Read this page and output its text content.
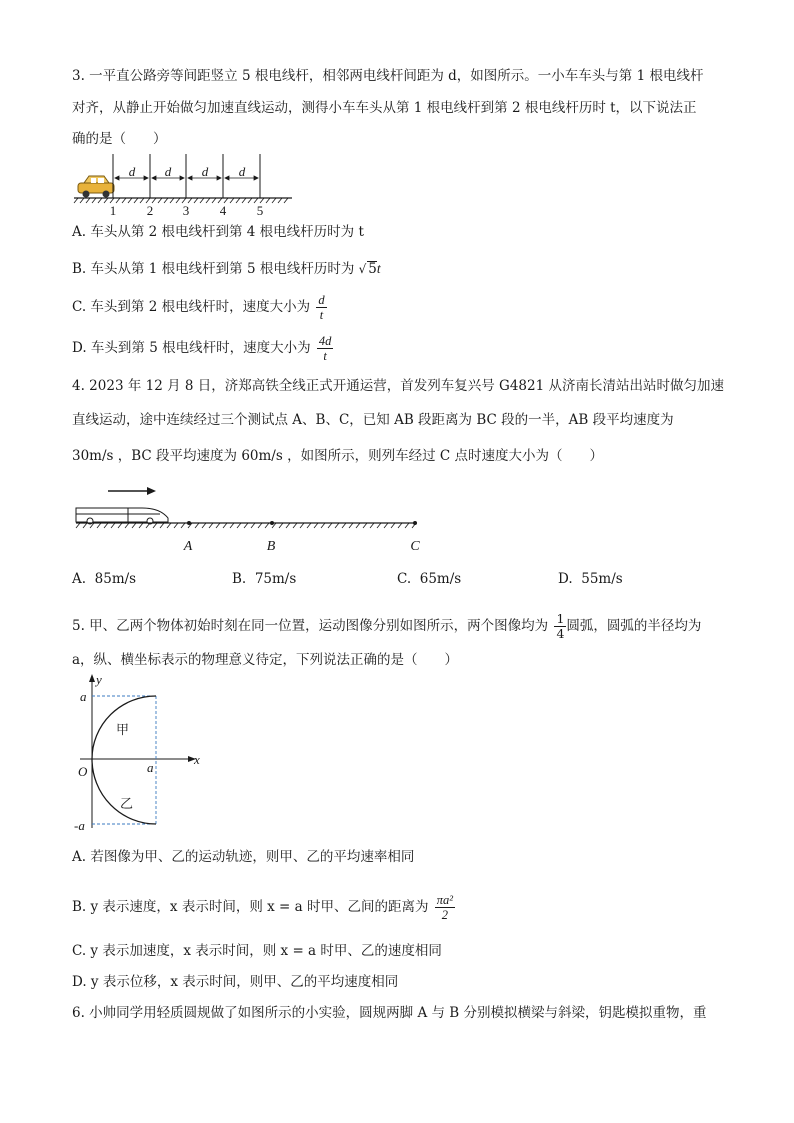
3. 一平直公路旁等间距竖立 5 根电线杆，相邻两电线杆间距为 d，如图所示。一小车车头与第 1 根电线杆
对齐，从静止开始做匀加速直线运动，测得小车车头从第 1 根电线杆到第 2 根电线杆历时 t，以下说法正
确的是（　　）
d d d d
1 2 3 4 5
A. 车头从第 2 根电线杆到第 4 根电线杆历时为 t
B. 车头从第 1 根电线杆到第 5 根电线杆历时为 √ 5t
C. 车头到第 2 根电线杆时，速度大小为 $\frac{d}{t}$
D. 车头到第 5 根电线杆时，速度大小为 $\frac{4d}{t}$
4. 2023 年 12 月 8 日，济郑高铁全线正式开通运营，首发列车复兴号 G4821 从济南长清站出站时做匀加速
直线运动，途中连续经过三个测试点 A、B、C，已知 AB 段距离为 BC 段的一半，AB 段平均速度为
30m/s ，BC 段平均速度为 60m/s ，如图所示，则列车经过 C 点时速度大小为（　　）
A	B	C
A. 85m/s	B. 75m/s	C. 65m/s	D. 55m/s
5. 甲、乙两个物体初始时刻在同一位置，运动图像分别如图所示，两个图像均为 $\frac{1}{4}$ 圆弧，圆弧的半径均为
a，纵、横坐标表示的物理意义待定，下列说法正确的是（　　）
y
x
O
a
-a
a
甲
乙
A. 若图像为甲、乙的运动轨迹，则甲、乙的平均速率相同
B. y 表示速度，x 表示时间，则 x = a 时甲、乙间的距离为 $\frac{\text{πa²}}{2}$
C. y 表示加速度，x 表示时间，则 x = a 时甲、乙的速度相同
D. y 表示位移，x 表示时间，则甲、乙的平均速度相同
6. 小帅同学用轻质圆规做了如图所示的小实验，圆规两脚 A 与 B 分别模拟横梁与斜梁，钥匙模拟重物，重
